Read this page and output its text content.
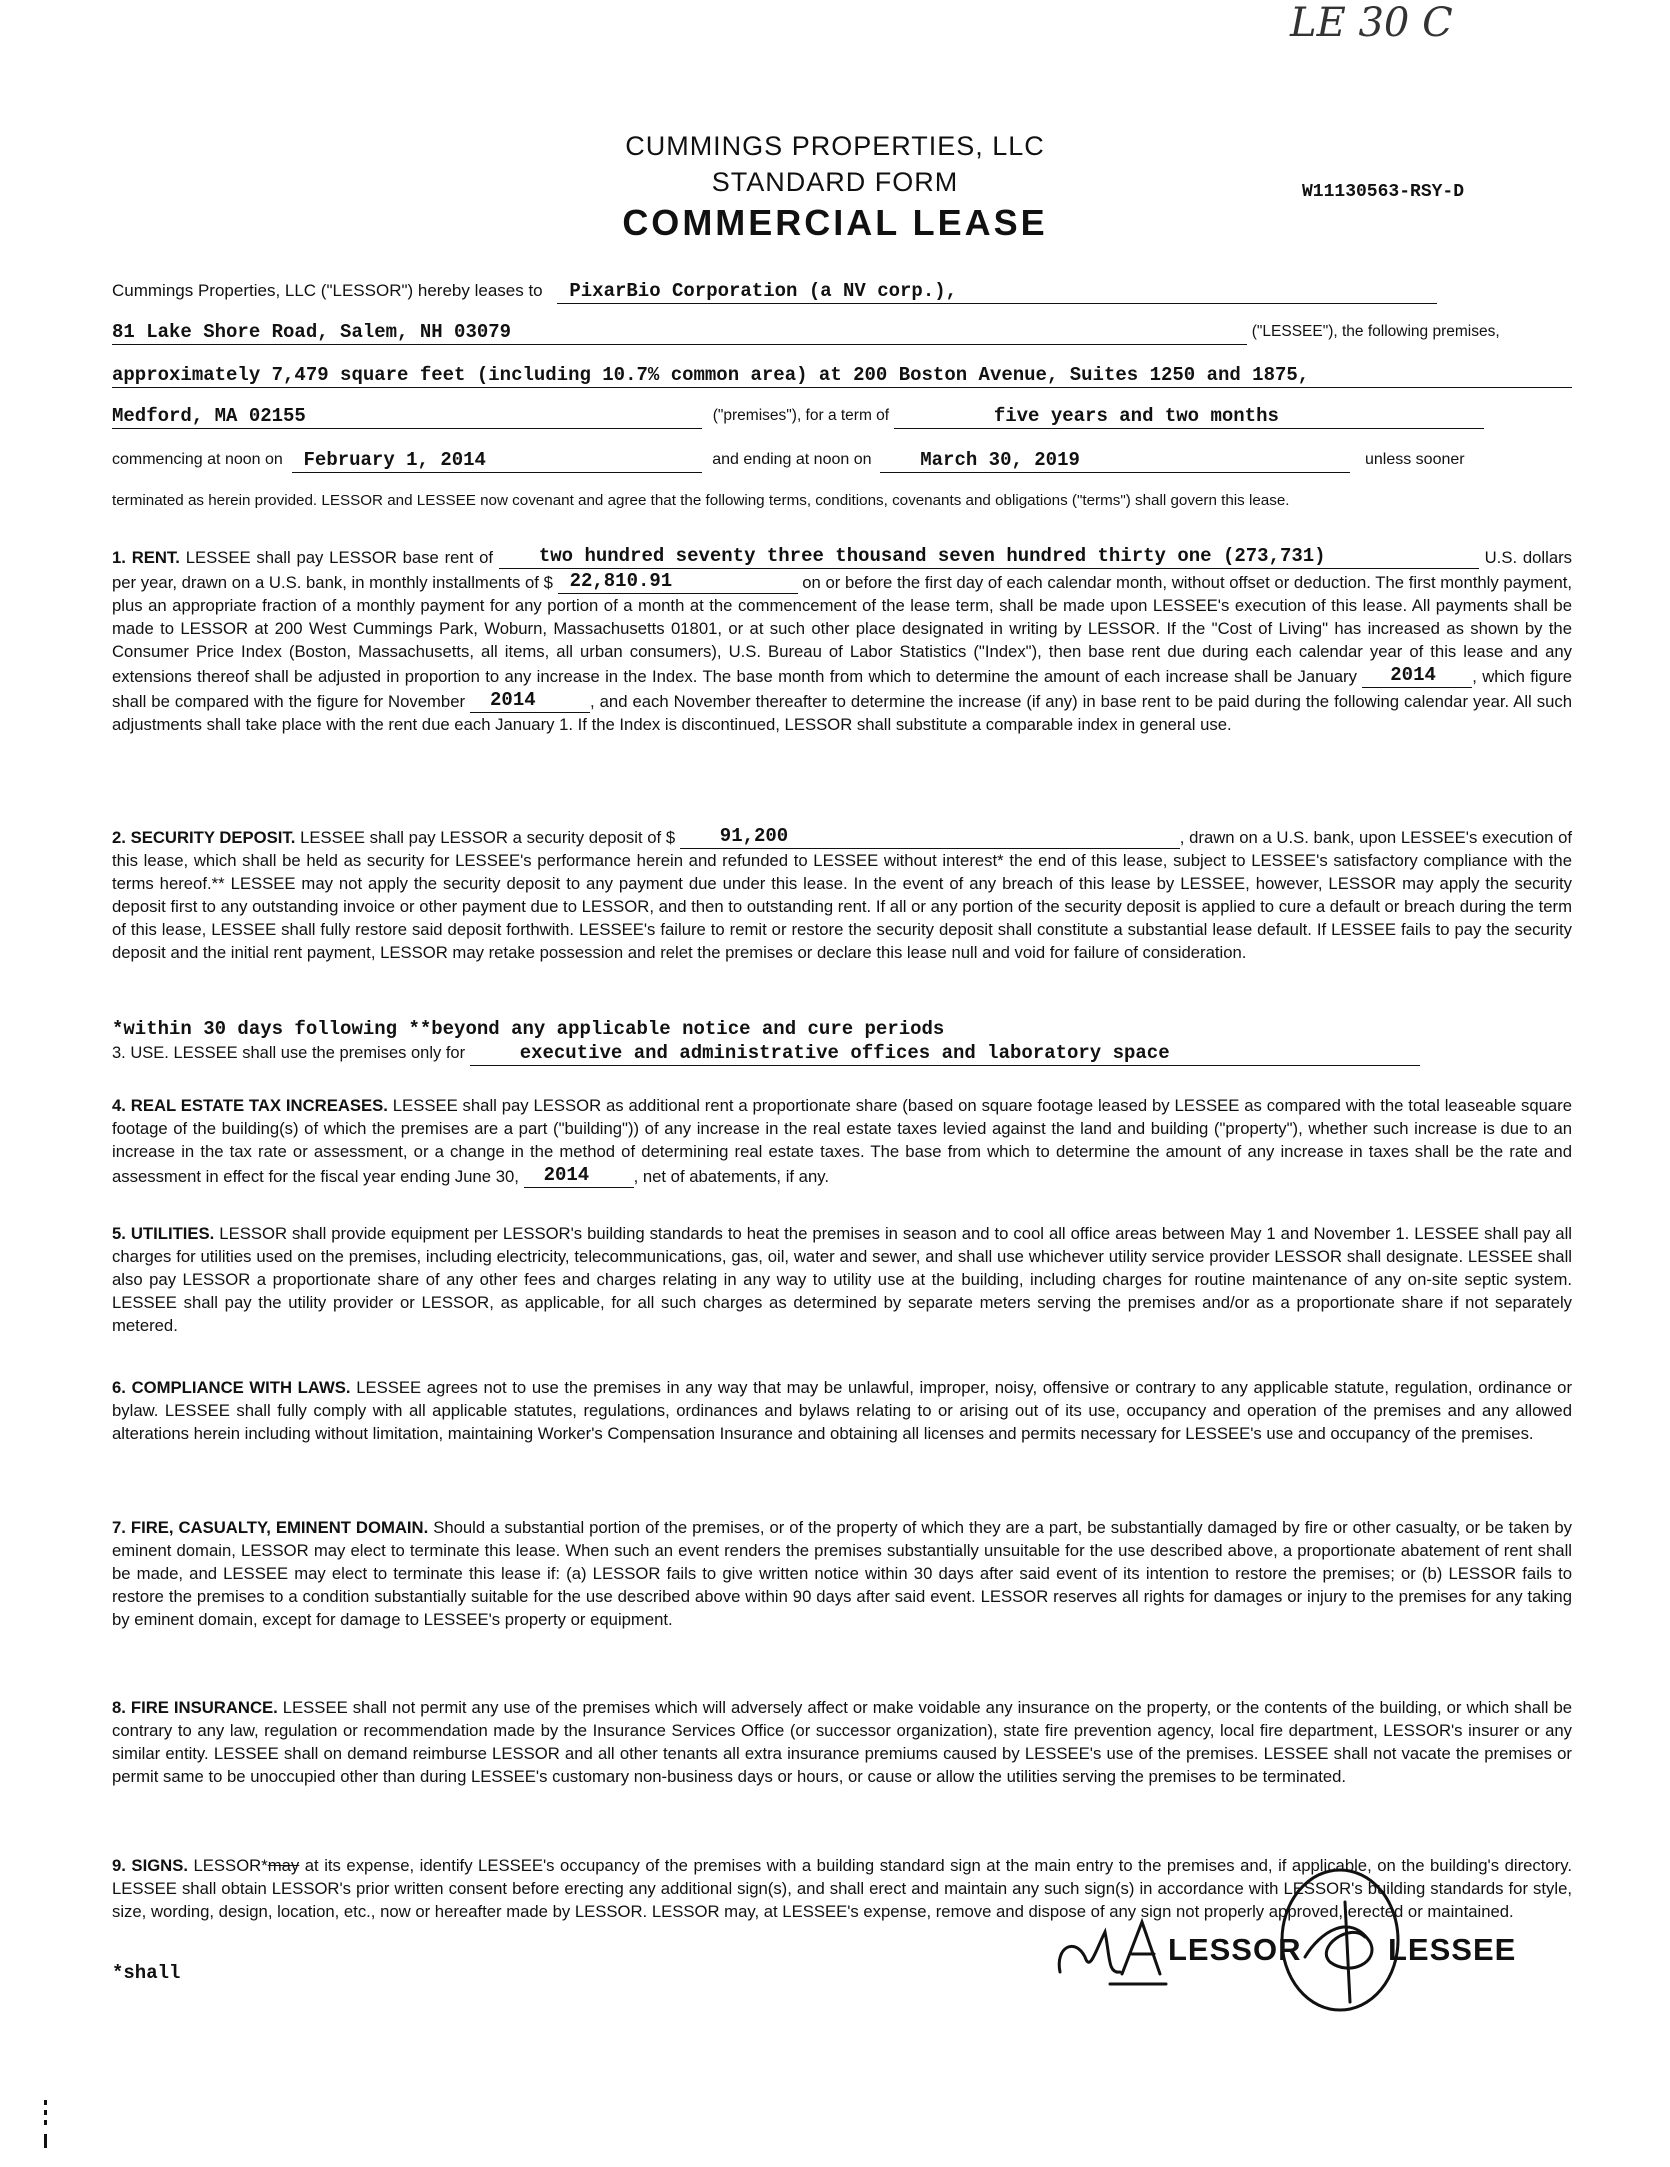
LE 30 C
CUMMINGS PROPERTIES, LLC
STANDARD FORM
COMMERCIAL LEASE
W11130563-RSY-D
Cummings Properties, LLC ("LESSOR") hereby leases to PixarBio Corporation (a NV corp.),
81 Lake Shore Road, Salem, NH 03079	("LESSEE"), the following premises,
approximately 7,479 square feet (including 10.7% common area) at 200 Boston Avenue, Suites 1250 and 1875,
Medford, MA 02155	("premises"), for a term of	five years and two months
commencing at noon on February 1, 2014	and ending at noon on	March 30, 2019	unless sooner
terminated as herein provided. LESSOR and LESSEE now covenant and agree that the following terms, conditions, covenants and obligations ("terms") shall govern this lease.
1. RENT. LESSEE shall pay LESSOR base rent of two hundred seventy three thousand seven hundred thirty one (273,731)	U.S. dollars per year, drawn on a U.S. bank, in monthly installments of $ 22,810.91	on or before the first day of each calendar month, without offset or deduction. The first monthly payment, plus an appropriate fraction of a monthly payment for any portion of a month at the commencement of the lease term, shall be made upon LESSEE's execution of this lease. All payments shall be made to LESSOR at 200 West Cummings Park, Woburn, Massachusetts 01801, or at such other place designated in writing by LESSOR. If the "Cost of Living" has increased as shown by the Consumer Price Index (Boston, Massachusetts, all items, all urban consumers), U.S. Bureau of Labor Statistics ("Index"), then base rent due during each calendar year of this lease and any extensions thereof shall be adjusted in proportion to any increase in the Index. The base month from which to determine the amount of each increase shall be January 2014 , which figure shall be compared with the figure for November 2014	, and each November thereafter to determine the increase (if any) in base rent to be paid during the following calendar year. All such adjustments shall take place with the rent due each January 1. If the Index is discontinued, LESSOR shall substitute a comparable index in general use.
2. SECURITY DEPOSIT. LESSEE shall pay LESSOR a security deposit of $ 91,200	, drawn on a U.S. bank, upon LESSEE's execution of this lease, which shall be held as security for LESSEE's performance herein and refunded to LESSEE without interest* the end of this lease, subject to LESSEE's satisfactory compliance with the terms hereof.** LESSEE may not apply the security deposit to any payment due under this lease. In the event of any breach of this lease by LESSEE, however, LESSOR may apply the security deposit first to any outstanding invoice or other payment due to LESSOR, and then to outstanding rent. If all or any portion of the security deposit is applied to cure a default or breach during the term of this lease, LESSEE shall fully restore said deposit forthwith. LESSEE's failure to remit or restore the security deposit shall constitute a substantial lease default. If LESSEE fails to pay the security deposit and the initial rent payment, LESSOR may retake possession and relet the premises or declare this lease null and void for failure of consideration.
*within 30 days following **beyond any applicable notice and cure periods
3. USE. LESSEE shall use the premises only for	executive and administrative offices and laboratory space
4. REAL ESTATE TAX INCREASES. LESSEE shall pay LESSOR as additional rent a proportionate share (based on square footage leased by LESSEE as compared with the total leaseable square footage of the building(s) of which the premises are a part ("building")) of any increase in the real estate taxes levied against the land and building ("property"), whether such increase is due to an increase in the tax rate or assessment, or a change in the method of determining real estate taxes. The base from which to determine the amount of any increase in taxes shall be the rate and assessment in effect for the fiscal year ending June 30, 2014	, net of abatements, if any.
5. UTILITIES. LESSOR shall provide equipment per LESSOR's building standards to heat the premises in season and to cool all office areas between May 1 and November 1. LESSEE shall pay all charges for utilities used on the premises, including electricity, telecommunications, gas, oil, water and sewer, and shall use whichever utility service provider LESSOR shall designate. LESSEE shall also pay LESSOR a proportionate share of any other fees and charges relating in any way to utility use at the building, including charges for routine maintenance of any on-site septic system. LESSEE shall pay the utility provider or LESSOR, as applicable, for all such charges as determined by separate meters serving the premises and/or as a proportionate share if not separately metered.
6. COMPLIANCE WITH LAWS. LESSEE agrees not to use the premises in any way that may be unlawful, improper, noisy, offensive or contrary to any applicable statute, regulation, ordinance or bylaw. LESSEE shall fully comply with all applicable statutes, regulations, ordinances and bylaws relating to or arising out of its use, occupancy and operation of the premises and any allowed alterations herein including without limitation, maintaining Worker's Compensation Insurance and obtaining all licenses and permits necessary for LESSEE's use and occupancy of the premises.
7. FIRE, CASUALTY, EMINENT DOMAIN. Should a substantial portion of the premises, or of the property of which they are a part, be substantially damaged by fire or other casualty, or be taken by eminent domain, LESSOR may elect to terminate this lease. When such an event renders the premises substantially unsuitable for the use described above, a proportionate abatement of rent shall be made, and LESSEE may elect to terminate this lease if: (a) LESSOR fails to give written notice within 30 days after said event of its intention to restore the premises; or (b) LESSOR fails to restore the premises to a condition substantially suitable for the use described above within 90 days after said event. LESSOR reserves all rights for damages or injury to the premises for any taking by eminent domain, except for damage to LESSEE's property or equipment.
8. FIRE INSURANCE. LESSEE shall not permit any use of the premises which will adversely affect or make voidable any insurance on the property, or the contents of the building, or which shall be contrary to any law, regulation or recommendation made by the Insurance Services Office (or successor organization), state fire prevention agency, local fire department, LESSOR's insurer or any similar entity. LESSEE shall on demand reimburse LESSOR and all other tenants all extra insurance premiums caused by LESSEE's use of the premises. LESSEE shall not vacate the premises or permit same to be unoccupied other than during LESSEE's customary non-business days or hours, or cause or allow the utilities serving the premises to be terminated.
9. SIGNS. LESSOR*may at its expense, identify LESSEE's occupancy of the premises with a building standard sign at the main entry to the premises and, if applicable, on the building's directory. LESSEE shall obtain LESSOR's prior written consent before erecting any additional sign(s), and shall erect and maintain any such sign(s) in accordance with LESSOR's building standards for style, size, wording, design, location, etc., now or hereafter made by LESSOR. LESSOR may, at LESSEE's expense, remove and dispose of any sign not properly approved, erected or maintained.
*shall
LESSOR	LESSEE
